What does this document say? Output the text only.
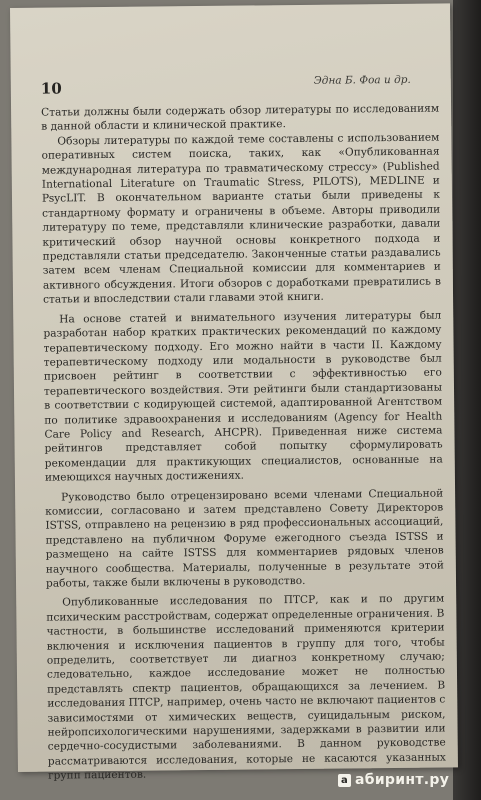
10	Эдна Б. Фоа и др.

Статьи должны были содержать обзор литературы по исследованиям в данной области и клинической практике.

Обзоры литературы по каждой теме составлены с использованием оперативных систем поиска, таких, как «Опубликованная международная литература по травматическому стрессу» (Published International Literature on Traumatic Stress, PILOTS), MEDLINE и PsycLIT. В окончательном варианте статьи были приведены к стандартному формату и ограничены в объеме. Авторы приводили литературу по теме, представляли клинические разработки, давали критический обзор научной основы конкретного подхода и представляли статьи председателю. Законченные статьи раздавались затем всем членам Специальной комиссии для комментариев и активного обсуждения. Итоги обзоров с доработками превратились в статьи и впоследствии стали главами этой книги.

На основе статей и внимательного изучения литературы был разработан набор кратких практических рекомендаций по каждому терапевтическому подходу. Его можно найти в части II. Каждому терапевтическому подходу или модальности в руководстве был присвоен рейтинг в соответствии с эффективностью его терапевтического воздействия. Эти рейтинги были стандартизованы в соответствии с кодирующей системой, адаптированной Агентством по политике здравоохранения и исследованиям (Agency for Health Care Policy and Research, AHCPR). Приведенная ниже система рейтингов представляет собой попытку сформулировать рекомендации для практикующих специалистов, основанные на имеющихся научных достижениях.

Руководство было отрецензировано всеми членами Специальной комиссии, согласовано и затем представлено Совету Директоров ISTSS, отправлено на рецензию в ряд профессиональных ассоциаций, представлено на публичном Форуме ежегодного съезда ISTSS и размещено на сайте ISTSS для комментариев рядовых членов научного сообщества. Материалы, полученные в результате этой работы, также были включены в руководство.

Опубликованные исследования по ПТСР, как и по другим психическим расстройствам, содержат определенные ограничения. В частности, в большинстве исследований применяются критерии включения и исключения пациентов в группу для того, чтобы определить, соответствует ли диагноз конкретному случаю; следовательно, каждое исследование может не полностью представлять спектр пациентов, обращающихся за лечением. В исследования ПТСР, например, очень часто не включают пациентов с зависимостями от химических веществ, суицидальным риском, нейропсихологическими нарушениями, задержками в развитии или сердечно-сосудистыми заболеваниями. В данном руководстве рассматриваются исследования, которые не касаются указанных групп пациентов.	a абиринт.ру
